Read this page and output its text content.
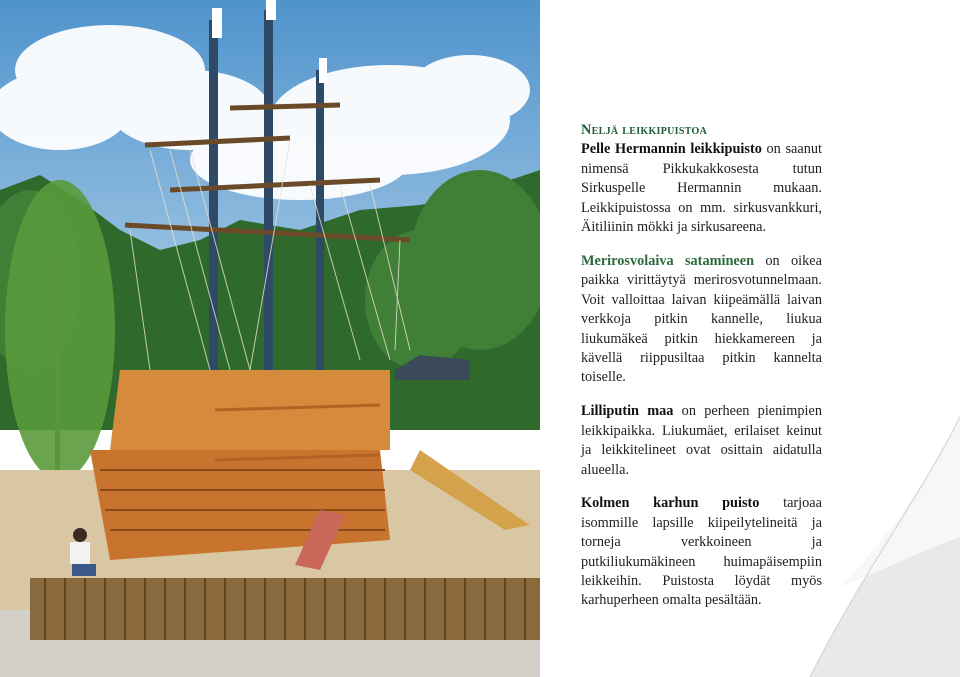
Neljä leikkipuistoa
Pelle Hermannin leikkipuisto on saanut nimensä Pikkukakkosesta tutun Sirkuspelle Hermannin mukaan. Leikkipuistossa on mm. sirkusvankkuri, Äitiliinin mökki ja sirkusareena.

Merirosvolaiva satamineen on oikea paikka virittäytyä merirosvotunnelmaan. Voit valloittaa laivan kiipeämällä laivan verkkoja pitkin kannelle, liukua liukumäkeä pitkin hiekkamereen ja kävellä riippusiltaa pitkin kannelta toiselle.

Lilliputin maa on perheen pienimpien leikkipaikka. Liukumäet, erilaiset keinut ja leikkitelineet ovat osittain aidatulla alueella.

Kolmen karhun puisto tarjoaa isommille lapsille kiipeilytelineitä ja torneja verkkoineen ja putkiliukumäkineen huimapäisempiin leikkeihin. Puistosta löydät myös karhuperheen omalta pesältään.
